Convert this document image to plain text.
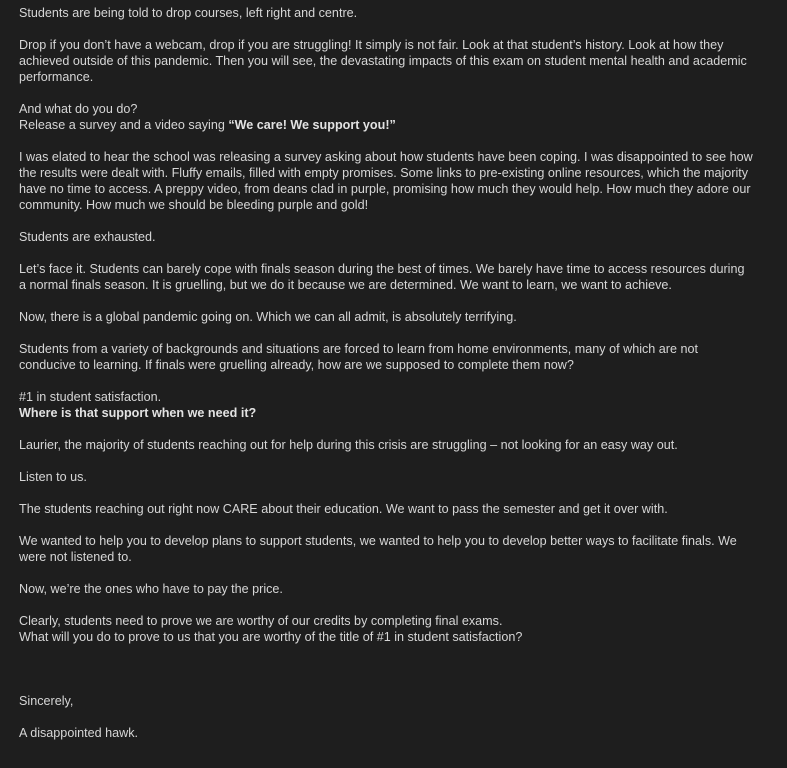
Students are being told to drop courses, left right and centre.

Drop if you don’t have a webcam, drop if you are struggling! It simply is not fair. Look at that student’s history. Look at how they
achieved outside of this pandemic. Then you will see, the devastating impacts of this exam on student mental health and academic
performance.

And what do you do?
Release a survey and a video saying “We care! We support you!”

I was elated to hear the school was releasing a survey asking about how students have been coping. I was disappointed to see how
the results were dealt with. Fluffy emails, filled with empty promises. Some links to pre-existing online resources, which the majority
have no time to access. A preppy video, from deans clad in purple, promising how much they would help. How much they adore our
community. How much we should be bleeding purple and gold!

Students are exhausted.

Let’s face it. Students can barely cope with finals season during the best of times. We barely have time to access resources during
a normal finals season. It is gruelling, but we do it because we are determined. We want to learn, we want to achieve.

Now, there is a global pandemic going on. Which we can all admit, is absolutely terrifying.

Students from a variety of backgrounds and situations are forced to learn from home environments, many of which are not
conducive to learning. If finals were gruelling already, how are we supposed to complete them now?

#1 in student satisfaction.
Where is that support when we need it?

Laurier, the majority of students reaching out for help during this crisis are struggling – not looking for an easy way out.

Listen to us.

The students reaching out right now CARE about their education. We want to pass the semester and get it over with.

We wanted to help you to develop plans to support students, we wanted to help you to develop better ways to facilitate finals. We
were not listened to.

Now, we’re the ones who have to pay the price.

Clearly, students need to prove we are worthy of our credits by completing final exams.
What will you do to prove to us that you are worthy of the title of #1 in student satisfaction?

Sincerely,

A disappointed hawk.
